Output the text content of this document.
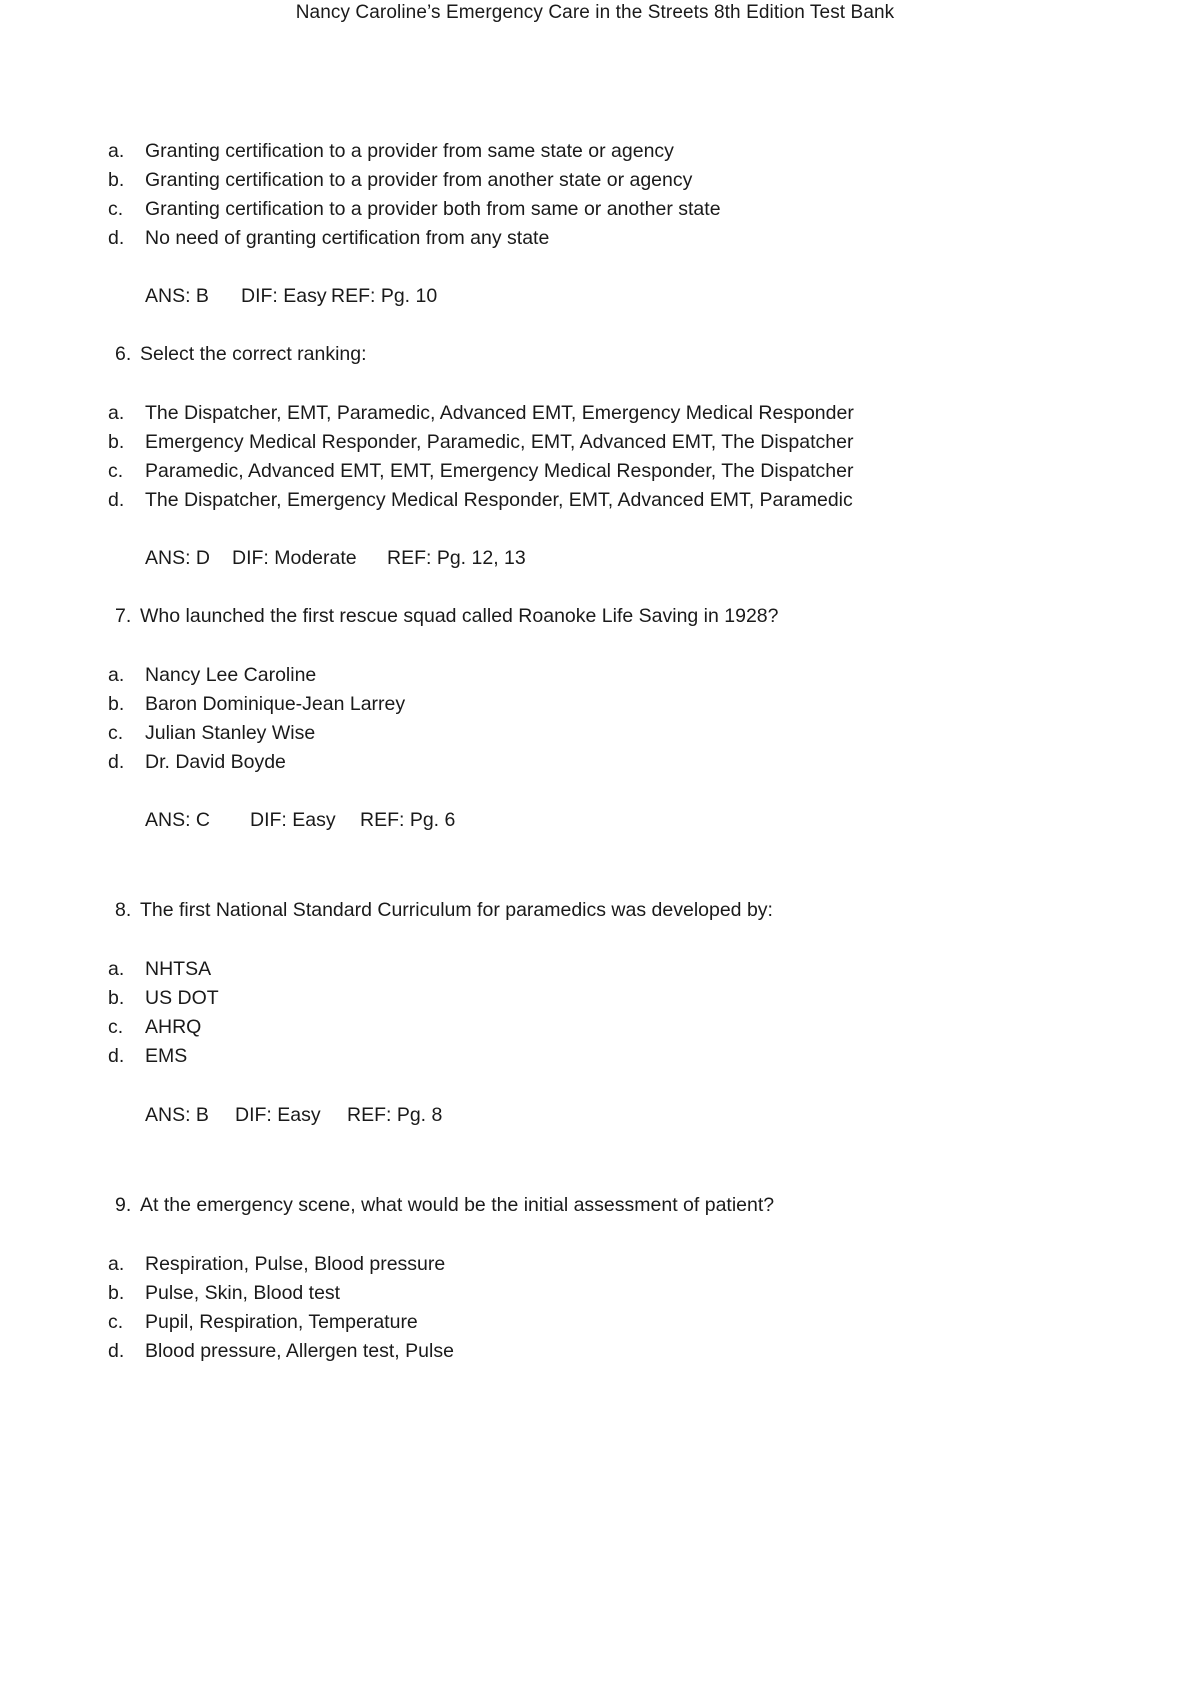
Nancy Caroline’s Emergency Care in the Streets 8th Edition Test Bank
a.	Granting certification to a provider from same state or agency
b.	Granting certification to a provider from another state or agency
c.	Granting certification to a provider both from same or another state
d.	No need of granting certification from any state
ANS: B DIF: Easy REF: Pg. 10
6. Select the correct ranking:
a.	The Dispatcher, EMT, Paramedic, Advanced EMT, Emergency Medical Responder
b.	Emergency Medical Responder, Paramedic, EMT, Advanced EMT, The Dispatcher
c.	Paramedic, Advanced EMT, EMT, Emergency Medical Responder, The Dispatcher
d.	The Dispatcher, Emergency Medical Responder, EMT, Advanced EMT, Paramedic
ANS: D DIF: Moderate REF: Pg. 12, 13
7. Who launched the first rescue squad called Roanoke Life Saving in 1928?
a.	Nancy Lee Caroline
b.	Baron Dominique-Jean Larrey
c.	Julian Stanley Wise
d.	Dr. David Boyde
ANS: C DIF: Easy REF: Pg. 6
8. The first National Standard Curriculum for paramedics was developed by:
a.	NHTSA
b.	US DOT
c.	AHRQ
d.	EMS
ANS: B DIF: Easy REF: Pg. 8
9. At the emergency scene, what would be the initial assessment of patient?
a.	Respiration, Pulse, Blood pressure
b.	Pulse, Skin, Blood test
c.	Pupil, Respiration, Temperature
d.	Blood pressure, Allergen test, Pulse
